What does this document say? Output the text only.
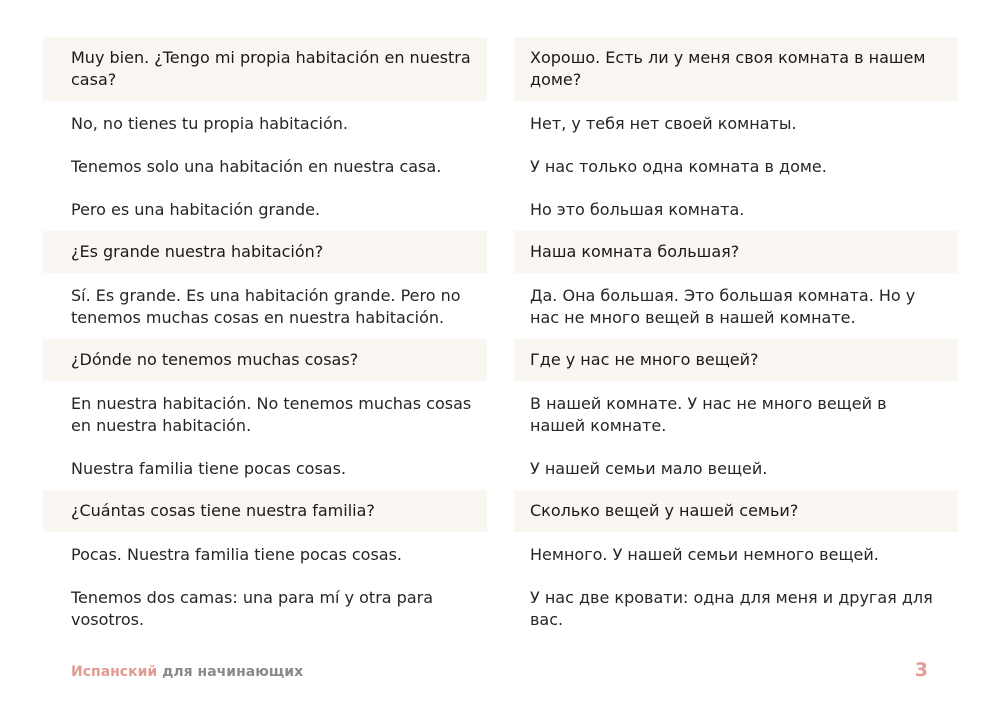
Muy bien. ¿Tengo mi propia habitación en nuestra casa?
No, no tienes tu propia habitación.
Tenemos solo una habitación en nuestra casa.
Pero es una habitación grande.
¿Es grande nuestra habitación?
Sí. Es grande. Es una habitación grande. Pero no tenemos muchas cosas en nuestra habitación.
¿Dónde no tenemos muchas cosas?
En nuestra habitación. No tenemos muchas cosas en nuestra habitación.
Nuestra familia tiene pocas cosas.
¿Cuántas cosas tiene nuestra familia?
Pocas. Nuestra familia tiene pocas cosas.
Tenemos dos camas: una para mí y otra para vosotros.
Хорошо. Есть ли у меня своя комната в нашем доме?
Нет, у тебя нет своей комнаты.
У нас только одна комната в доме.
Но это большая комната.
Наша комната большая?
Да. Она большая. Это большая комната. Но у нас не много вещей в нашей комнате.
Где у нас не много вещей?
В нашей комнате. У нас не много вещей в нашей комнате.
У нашей семьи мало вещей.
Сколько вещей у нашей семьи?
Немного. У нашей семьи немного вещей.
У нас две кровати: одна для меня и другая для вас.
Испанский для начинающих	3
